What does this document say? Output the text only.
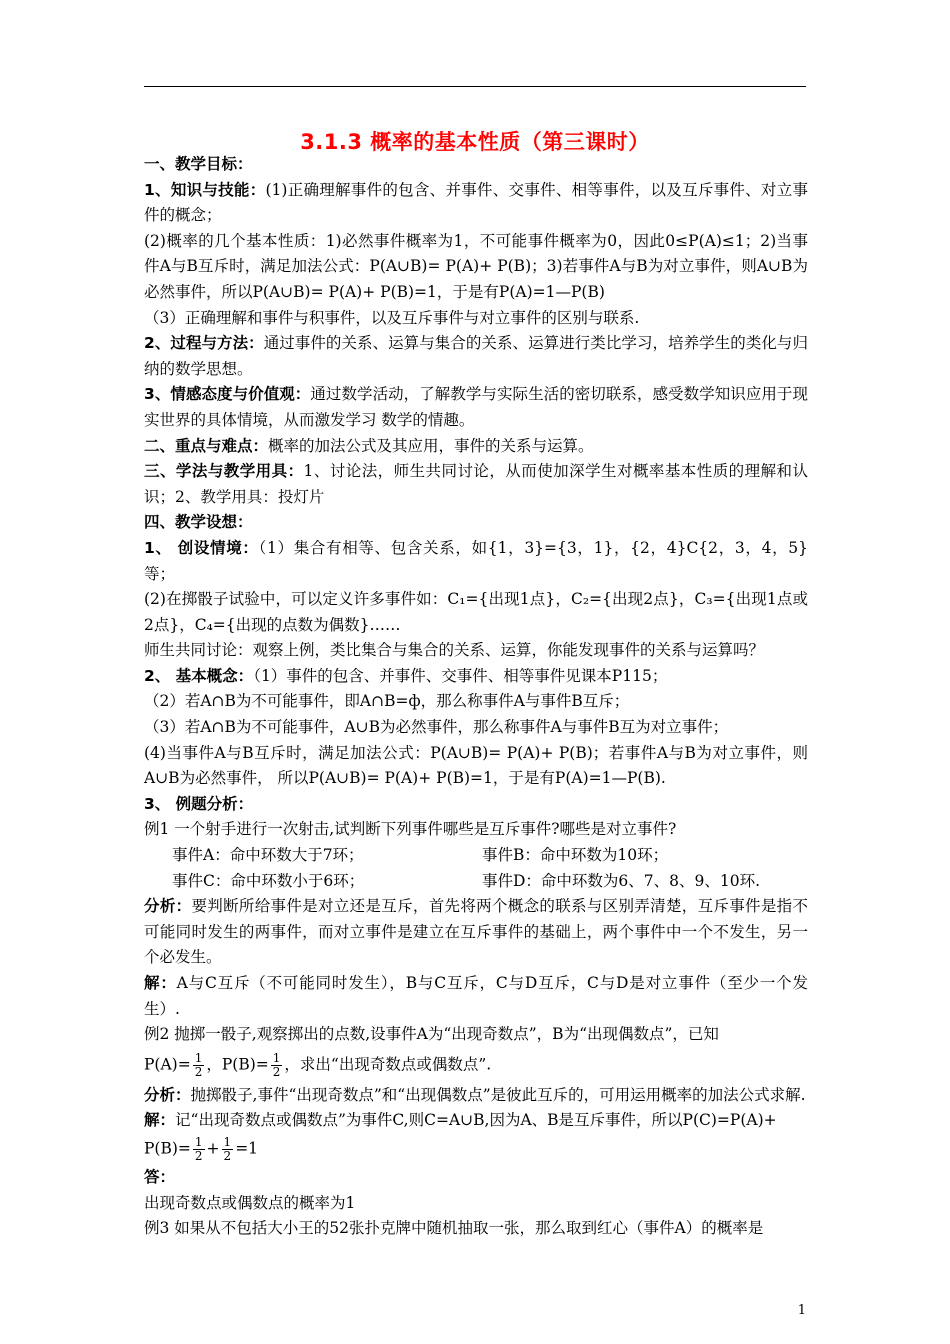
3.1.3 概率的基本性质（第三课时）

一、教学目标：

1、知识与技能：(1)正确理解事件的包含、并事件、交事件、相等事件，以及互斥事件、对立事件的概念；

(2)概率的几个基本性质：1)必然事件概率为1，不可能事件概率为0，因此0≤P(A)≤1；2)当事件A与B互斥时，满足加法公式：P(A∪B)= P(A)+ P(B)；3)若事件A与B为对立事件，则A∪B为必然事件，所以P(A∪B)= P(A)+ P(B)=1，于是有P(A)=1—P(B)

（3）正确理解和事件与积事件，以及互斥事件与对立事件的区别与联系.

2、过程与方法：通过事件的关系、运算与集合的关系、运算进行类比学习，培养学生的类化与归纳的数学思想。

3、情感态度与价值观：通过数学活动，了解教学与实际生活的密切联系，感受数学知识应用于现实世界的具体情境，从而激发学习 数学的情趣。

二、重点与难点：概率的加法公式及其应用，事件的关系与运算。

三、学法与教学用具：1、讨论法，师生共同讨论，从而使加深学生对概率基本性质的理解和认识；2、教学用具：投灯片

四、教学设想：

1、 创设情境：（1）集合有相等、包含关系，如{1，3}={3，1}，{2，4}C{2，3，4，5}等；

(2)在掷骰子试验中，可以定义许多事件如：C₁={出现1点}，C₂={出现2点}，C₃={出现1点或2点}，C₄={出现的点数为偶数}……

师生共同讨论：观察上例，类比集合与集合的关系、运算，你能发现事件的关系与运算吗？

2、 基本概念：（1）事件的包含、并事件、交事件、相等事件见课本P115；

（2）若A∩B为不可能事件，即A∩B=ф，那么称事件A与事件B互斥；

（3）若A∩B为不可能事件，A∪B为必然事件，那么称事件A与事件B互为对立事件；

(4)当事件A与B互斥时，满足加法公式：P(A∪B)= P(A)+ P(B)；若事件A与B为对立事件，则A∪B为必然事件， 所以P(A∪B)= P(A)+ P(B)=1，于是有P(A)=1—P(B).

3、 例题分析：

例1 一个射手进行一次射击,试判断下列事件哪些是互斥事件?哪些是对立事件?

事件A：命中环数大于7环；	事件B：命中环数为10环；
事件C：命中环数小于6环；	事件D：命中环数为6、7、8、9、10环.

分析：要判断所给事件是对立还是互斥，首先将两个概念的联系与区别弄清楚，互斥事件是指不可能同时发生的两事件，而对立事件是建立在互斥事件的基础上，两个事件中一个不发生，另一个必发生。

解：A与C互斥（不可能同时发生），B与C互斥，C与D互斥，C与D是对立事件（至少一个发生）.

例2 抛掷一骰子,观察掷出的点数,设事件A为“出现奇数点”，B为“出现偶数点”，已知

$P(A)= \frac{1}{2}$ ，$P(B)= \frac{1}{2}$ ，求出“出现奇数点或偶数点”.

分析：抛掷骰子,事件“出现奇数点”和“出现偶数点”是彼此互斥的，可用运用概率的加法公式求解.

解：记“出现奇数点或偶数点”为事件C,则C=A∪B,因为A、B是互斥事件，所以P(C)=P(A)+

$P(B)= \frac{1}{2} + \frac{1}{2} =1$

答：

出现奇数点或偶数点的概率为1

例3 如果从不包括大小王的52张扑克牌中随机抽取一张，那么取到红心（事件A）的概率是

1
